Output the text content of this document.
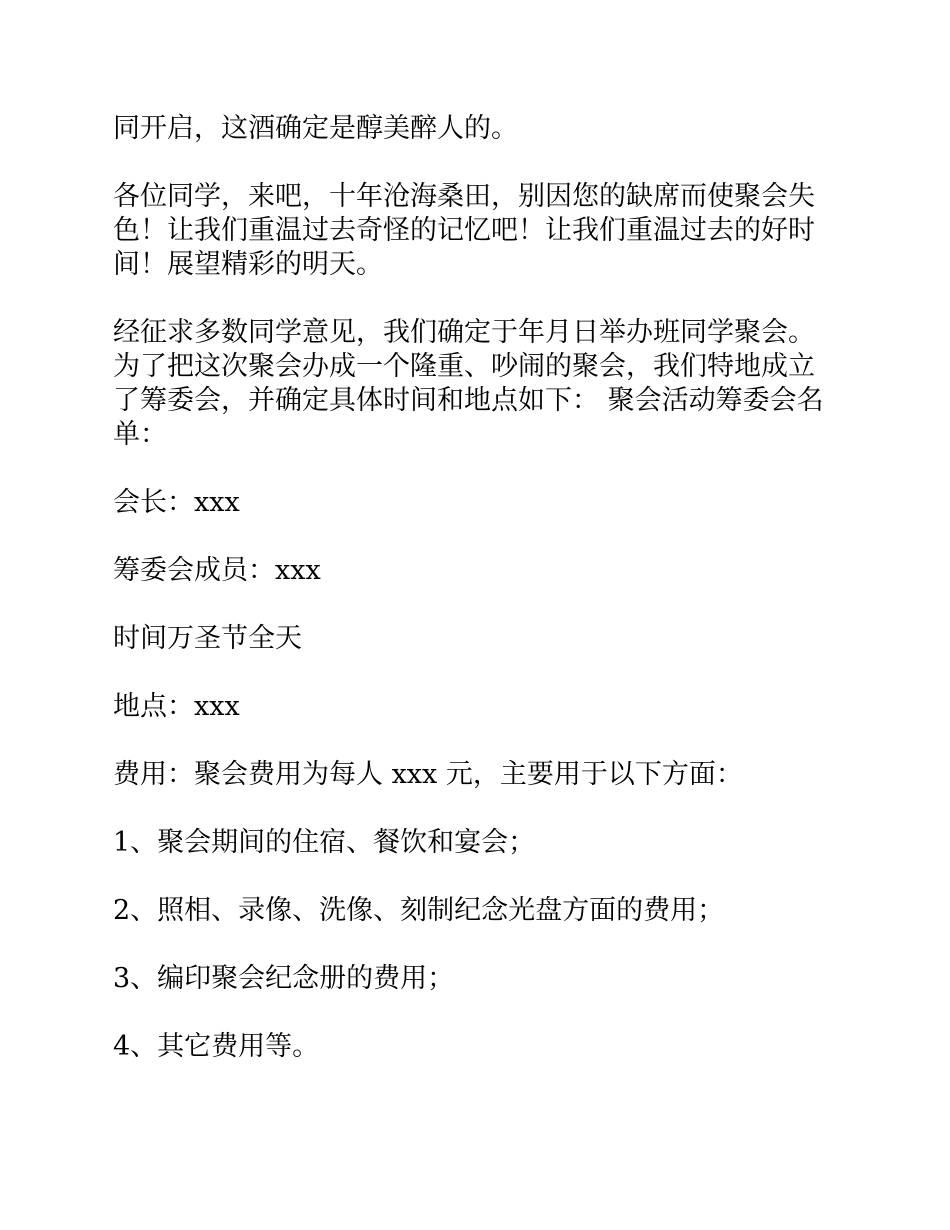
同开启，这酒确定是醇美醉人的。

各位同学，来吧，十年沧海桑田，别因您的缺席而使聚会失色！让我们重温过去奇怪的记忆吧！让我们重温过去的好时间！展望精彩的明天。

经征求多数同学意见，我们确定于年月日举办班同学聚会。为了把这次聚会办成一个隆重、吵闹的聚会，我们特地成立了筹委会，并确定具体时间和地点如下： 聚会活动筹委会名单：

会长：xxx

筹委会成员：xxx

时间万圣节全天

地点：xxx

费用：聚会费用为每人 xxx 元，主要用于以下方面：

1、聚会期间的住宿、餐饮和宴会；

2、照相、录像、洗像、刻制纪念光盘方面的费用；

3、编印聚会纪念册的费用；

4、其它费用等。
